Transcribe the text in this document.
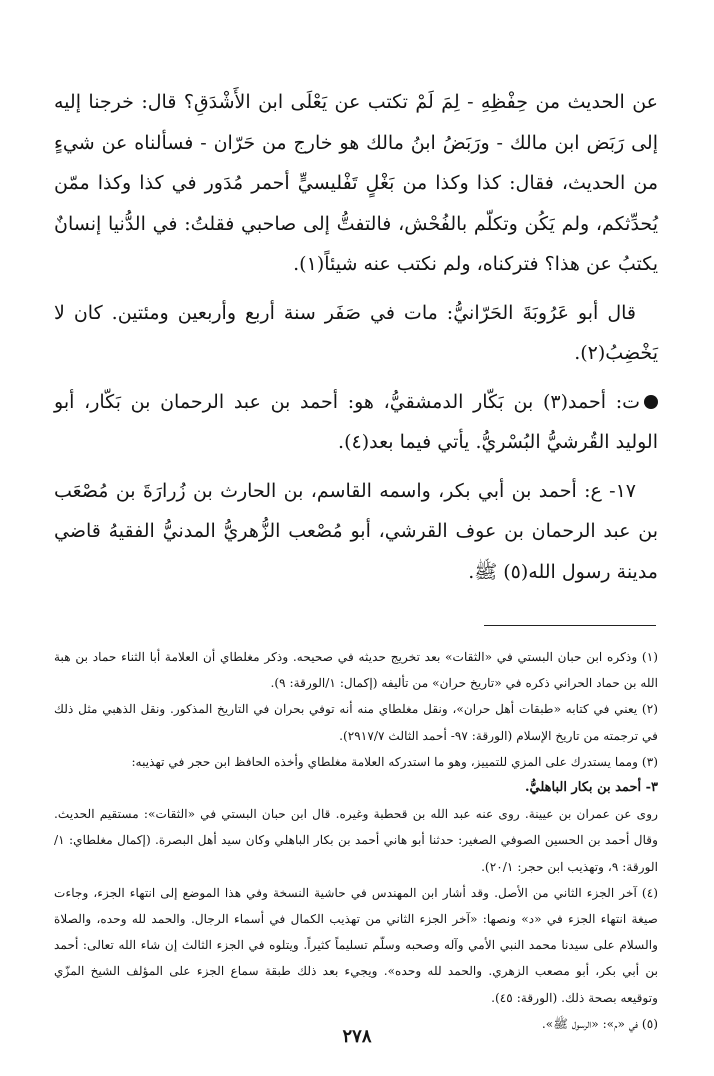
عن الحديث من حِفْظِهِ - لِمَ لَمْ تكتب عن يَعْلَى ابن الأَشْدَقِ؟ قال: خرجنا إليه إلى رَبَض ابن مالك - ورَبَضُ ابنُ مالك هو خارج من حَرّان - فسألناه عن شيءٍ من الحديث، فقال: كذا وكذا من بَغْلٍ تَفْليسيٍّ أحمر مُدَور في كذا وكذا ممّن يُحدِّثكم، ولم يَكُن وتكلّم بالفُحْش، فالتفتُّ إلى صاحبي فقلتُ: في الدُّنيا إنسانٌ يكتبُ عن هذا؟ فتركناه، ولم نكتب عنه شيئاً(١).

قال أبو عَرُوبَةَ الحَرّانيُّ: مات في صَفَر سنة أربع وأربعين ومئتين. كان لا يَخْضِبُ(٢).

ت: أحمد(٣) بن بَكّار الدمشقيُّ، هو: أحمد بن عبد الرحمان بن بَكّار، أبو الوليد القُرشيُّ البُسْريُّ. يأتي فيما بعد(٤).

١٧- ع: أحمد بن أبي بكر، واسمه القاسم، بن الحارث بن زُرارَةَ بن مُصْعَب بن عبد الرحمان بن عوف القرشي، أبو مُصْعب الزُّهريُّ المدنيُّ الفقيهُ قاضي مدينة رسول الله(٥) ﷺ.

(١) وذكره ابن حبان البستي في «الثقات» بعد تخريج حديثه في صحيحه. وذكر مغلطاي أن العلامة أبا الثناء حماد بن هبة الله بن حماد الحراني ذكره في «تاريخ حران» من تأليفه (إكمال: ١/الورقة: ٩).

(٢) يعني في كتابه «طبقات أهل حران»، ونقل مغلطاي منه أنه توفي بحران في التاريخ المذكور. ونقل الذهبي مثل ذلك في ترجمته من تاريخ الإسلام (الورقة: ٩٧- أحمد الثالث ٢٩١٧/٧).

(٣) ومما يستدرك على المزي للتمييز، وهو ما استدركه العلامة مغلطاي وأخذه الحافظ ابن حجر في تهذيبه:

٣- أحمد بن بكار الباهليُّ.

روى عن عمران بن عيينة. روى عنه عبد الله بن قحطبة وغيره. قال ابن حبان البستي في «الثقات»: مستقيم الحديث. وقال أحمد بن الحسين الصوفي الصغير: حدثنا أبو هاني أحمد بن بكار الباهلي وكان سيد أهل البصرة. (إكمال مغلطاي: ١/الورقة: ٩، وتهذيب ابن حجر: ٢٠/١).

(٤) آخر الجزء الثاني من الأصل. وقد أشار ابن المهندس في حاشية النسخة وفي هذا الموضع إلى انتهاء الجزء، وجاءت صيغة انتهاء الجزء في «د» ونصها: «آخر الجزء الثاني من تهذيب الكمال في أسماء الرجال. والحمد لله وحده، والصلاة والسلام على سيدنا محمد النبي الأمي وآله وصحبه وسلّم تسليماً كثيراً. ويتلوه في الجزء الثالث إن شاء الله تعالى: أحمد بن أبي بكر، أبو مصعب الزهري. والحمد لله وحده». ويجيء بعد ذلك طبقة سماع الجزء على المؤلف الشيخ المزّي وتوقيعه بصحة ذلك. (الورقة: ٤٥).

(٥) في «م»: «الرسول ﷺ».

٢٧٨
